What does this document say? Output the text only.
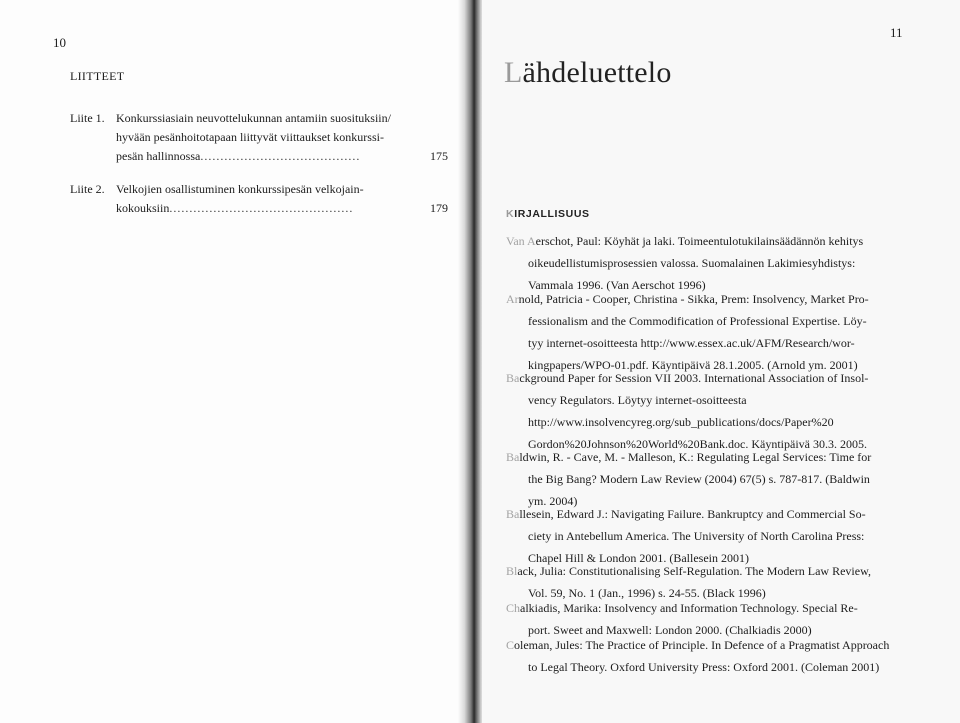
10
LIITTEET
Liite 1. Konkurssiasiain neuvottelukunnan antamiin suosituksiin/
hyvään pesänhoitotapaan liittyvät viittaukset konkurssi-
pesän hallinnossa........................................	175
Liite 2. Velkojien osallistuminen konkurssipesän velkojain-
kokouksiin..............................................	179
11
Lähdeluettelo
KIRJALLISUUS
Van Aerschot, Paul: Köyhät ja laki. Toimeentulotukilainsäädännön kehitys
oikeudellistumisprosessien valossa. Suomalainen Lakimiesyhdistys:
Vammala 1996. (Van Aerschot 1996)
Arnold, Patricia - Cooper, Christina - Sikka, Prem: Insolvency, Market Pro-
fessionalism and the Commodification of Professional Expertise. Löy-
tyy internet-osoitteesta http://www.essex.ac.uk/AFM/Research/wor-
kingpapers/WPO-01.pdf. Käyntipäivä 28.1.2005. (Arnold ym. 2001)
Background Paper for Session VII 2003. International Association of Insol-
vency Regulators. Löytyy internet-osoitteesta
http://www.insolvencyreg.org/sub_publications/docs/Paper%20
Gordon%20Johnson%20World%20Bank.doc. Käyntipäivä 30.3. 2005.
Baldwin, R. - Cave, M. - Malleson, K.: Regulating Legal Services: Time for
the Big Bang? Modern Law Review (2004) 67(5) s. 787-817. (Baldwin
ym. 2004)
Ballesein, Edward J.: Navigating Failure. Bankruptcy and Commercial So-
ciety in Antebellum America. The University of North Carolina Press:
Chapel Hill & London 2001. (Ballesein 2001)
Black, Julia: Constitutionalising Self-Regulation. The Modern Law Review,
Vol. 59, No. 1 (Jan., 1996) s. 24-55. (Black 1996)
Chalkiadis, Marika: Insolvency and Information Technology. Special Re-
port. Sweet and Maxwell: London 2000. (Chalkiadis 2000)
Coleman, Jules: The Practice of Principle. In Defence of a Pragmatist Approach
to Legal Theory. Oxford University Press: Oxford 2001. (Coleman 2001)
